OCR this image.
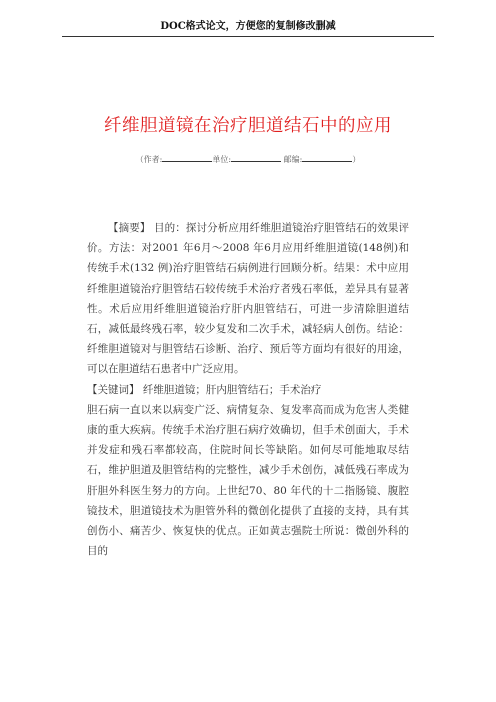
DOC格式论文，方便您的复制修改删减
纤维胆道镜在治疗胆道结石中的应用
（作者:	单位:	邮编:	）

【摘要】 目的：探讨分析应用纤维胆道镜治疗胆管结石的效果评价。方法：对2001 年6月～2008 年6月应用纤维胆道镜(148例)和传统手术(132 例)治疗胆管结石病例进行回顾分析。结果：术中应用纤维胆道镜治疗胆管结石较传统手术治疗者残石率低，差异具有显著性。术后应用纤维胆道镜治疗肝内胆管结石，可进一步清除胆道结石，减低最终残石率，较少复发和二次手术，减轻病人创伤。结论：纤维胆道镜对与胆管结石诊断、治疗、预后等方面均有很好的用途，可以在胆道结石患者中广泛应用。

【关键词】 纤维胆道镜；肝内胆管结石；手术治疗

胆石病一直以来以病变广泛、病情复杂、复发率高而成为危害人类健康的重大疾病。传统手术治疗胆石病疗效确切，但手术创面大，手术并发症和残石率都较高，住院时间长等缺陷。如何尽可能地取尽结石，维护胆道及胆管结构的完整性，减少手术创伤，减低残石率成为肝胆外科医生努力的方向。上世纪70、80 年代的十二指肠镜、腹腔镜技术，胆道镜技术为胆管外科的微创化提供了直接的支持，具有其创伤小、痛苦少、恢复快的优点。正如黄志强院士所说：微创外科的目的
